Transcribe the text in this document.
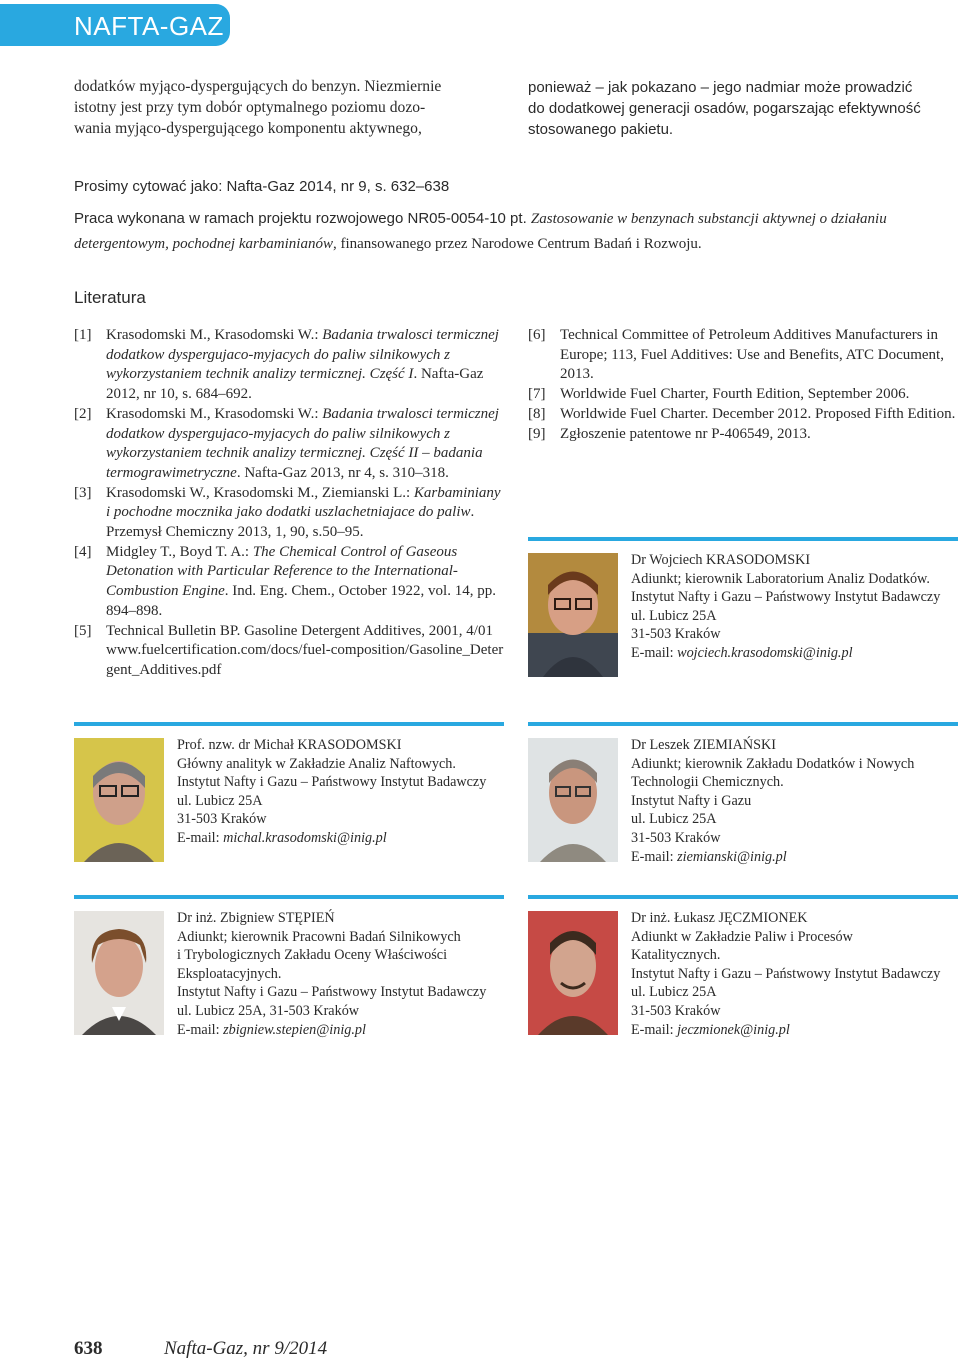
NAFTA-GAZ
dodatków myjąco-dyspergujących do benzyn. Niezmiernie
istotny jest przy tym dobór optymalnego poziomu dozo-
wania myjąco-dyspergującego komponentu aktywnego,
ponieważ – jak pokazano – jego nadmiar może prowadzić
do dodatkowej generacji osadów, pogarszając efektywność
stosowanego pakietu.
Prosimy cytować jako: Nafta-Gaz 2014, nr 9, s. 632–638
Praca wykonana w ramach projektu rozwojowego NR05-0054-10 pt. Zastosowanie w benzynach substancji aktywnej o działaniu detergentowym, pochodnej karbaminianów, finansowanego przez Narodowe Centrum Badań i Rozwoju.
Literatura
[1] Krasodomski M., Krasodomski W.: Badania trwalosci termicznej dodatkow dyspergujaco-myjacych do paliw silnikowych z wykorzystaniem technik analizy termicznej. Część I. Nafta-Gaz 2012, nr 10, s. 684–692.
[2] Krasodomski M., Krasodomski W.: Badania trwalosci termicznej dodatkow dyspergujaco-myjacych do paliw silnikowych z wykorzystaniem technik analizy termicznej. Część II – badania termograwimetryczne. Nafta-Gaz 2013, nr 4, s. 310–318.
[3] Krasodomski W., Krasodomski M., Ziemianski L.: Karbaminiany i pochodne mocznika jako dodatki uszlachetniajace do paliw. Przemysł Chemiczny 2013, 1, 90, s.50–95.
[4] Midgley T., Boyd T. A.: The Chemical Control of Gaseous Detonation with Particular Reference to the International-Combustion Engine. Ind. Eng. Chem., October 1922, vol. 14, pp. 894–898.
[5] Technical Bulletin BP. Gasoline Detergent Additives, 2001, 4/01 www.fuelcertification.com/docs/fuel-composition/Gasoline_Detergent_Additives.pdf
[6] Technical Committee of Petroleum Additives Manufacturers in Europe; 113, Fuel Additives: Use and Benefits, ATC Document, 2013.
[7] Worldwide Fuel Charter, Fourth Edition, September 2006.
[8] Worldwide Fuel Charter. December 2012. Proposed Fifth Edition.
[9] Zgłoszenie patentowe nr P-406549, 2013.
Dr Wojciech KRASODOMSKI
Adiunkt; kierownik Laboratorium Analiz Dodatków.
Instytut Nafty i Gazu – Państwowy Instytut Badawczy
ul. Lubicz 25A
31-503 Kraków
E-mail: wojciech.krasodomski@inig.pl
Prof. nzw. dr Michał KRASODOMSKI
Główny analityk w Zakładzie Analiz Naftowych.
Instytut Nafty i Gazu – Państwowy Instytut Badawczy
ul. Lubicz 25A
31-503 Kraków
E-mail: michal.krasodomski@inig.pl
Dr Leszek ZIEMIAŃSKI
Adiunkt; kierownik Zakładu Dodatków i Nowych
Technologii Chemicznych.
Instytut Nafty i Gazu
ul. Lubicz 25A
31-503 Kraków
E-mail: ziemianski@inig.pl
Dr inż. Zbigniew STĘPIEŃ
Adiunkt; kierownik Pracowni Badań Silnikowych
i Trybologicznych Zakładu Oceny Właściwości
Eksploatacyjnych.
Instytut Nafty i Gazu – Państwowy Instytut Badawczy
ul. Lubicz 25A, 31-503 Kraków
E-mail: zbigniew.stepien@inig.pl
Dr inż. Łukasz JĘCZMIONEK
Adiunkt w Zakładzie Paliw i Procesów
Katalitycznych.
Instytut Nafty i Gazu – Państwowy Instytut Badawczy
ul. Lubicz 25A
31-503 Kraków
E-mail: jeczmionek@inig.pl
638	Nafta-Gaz, nr 9/2014
